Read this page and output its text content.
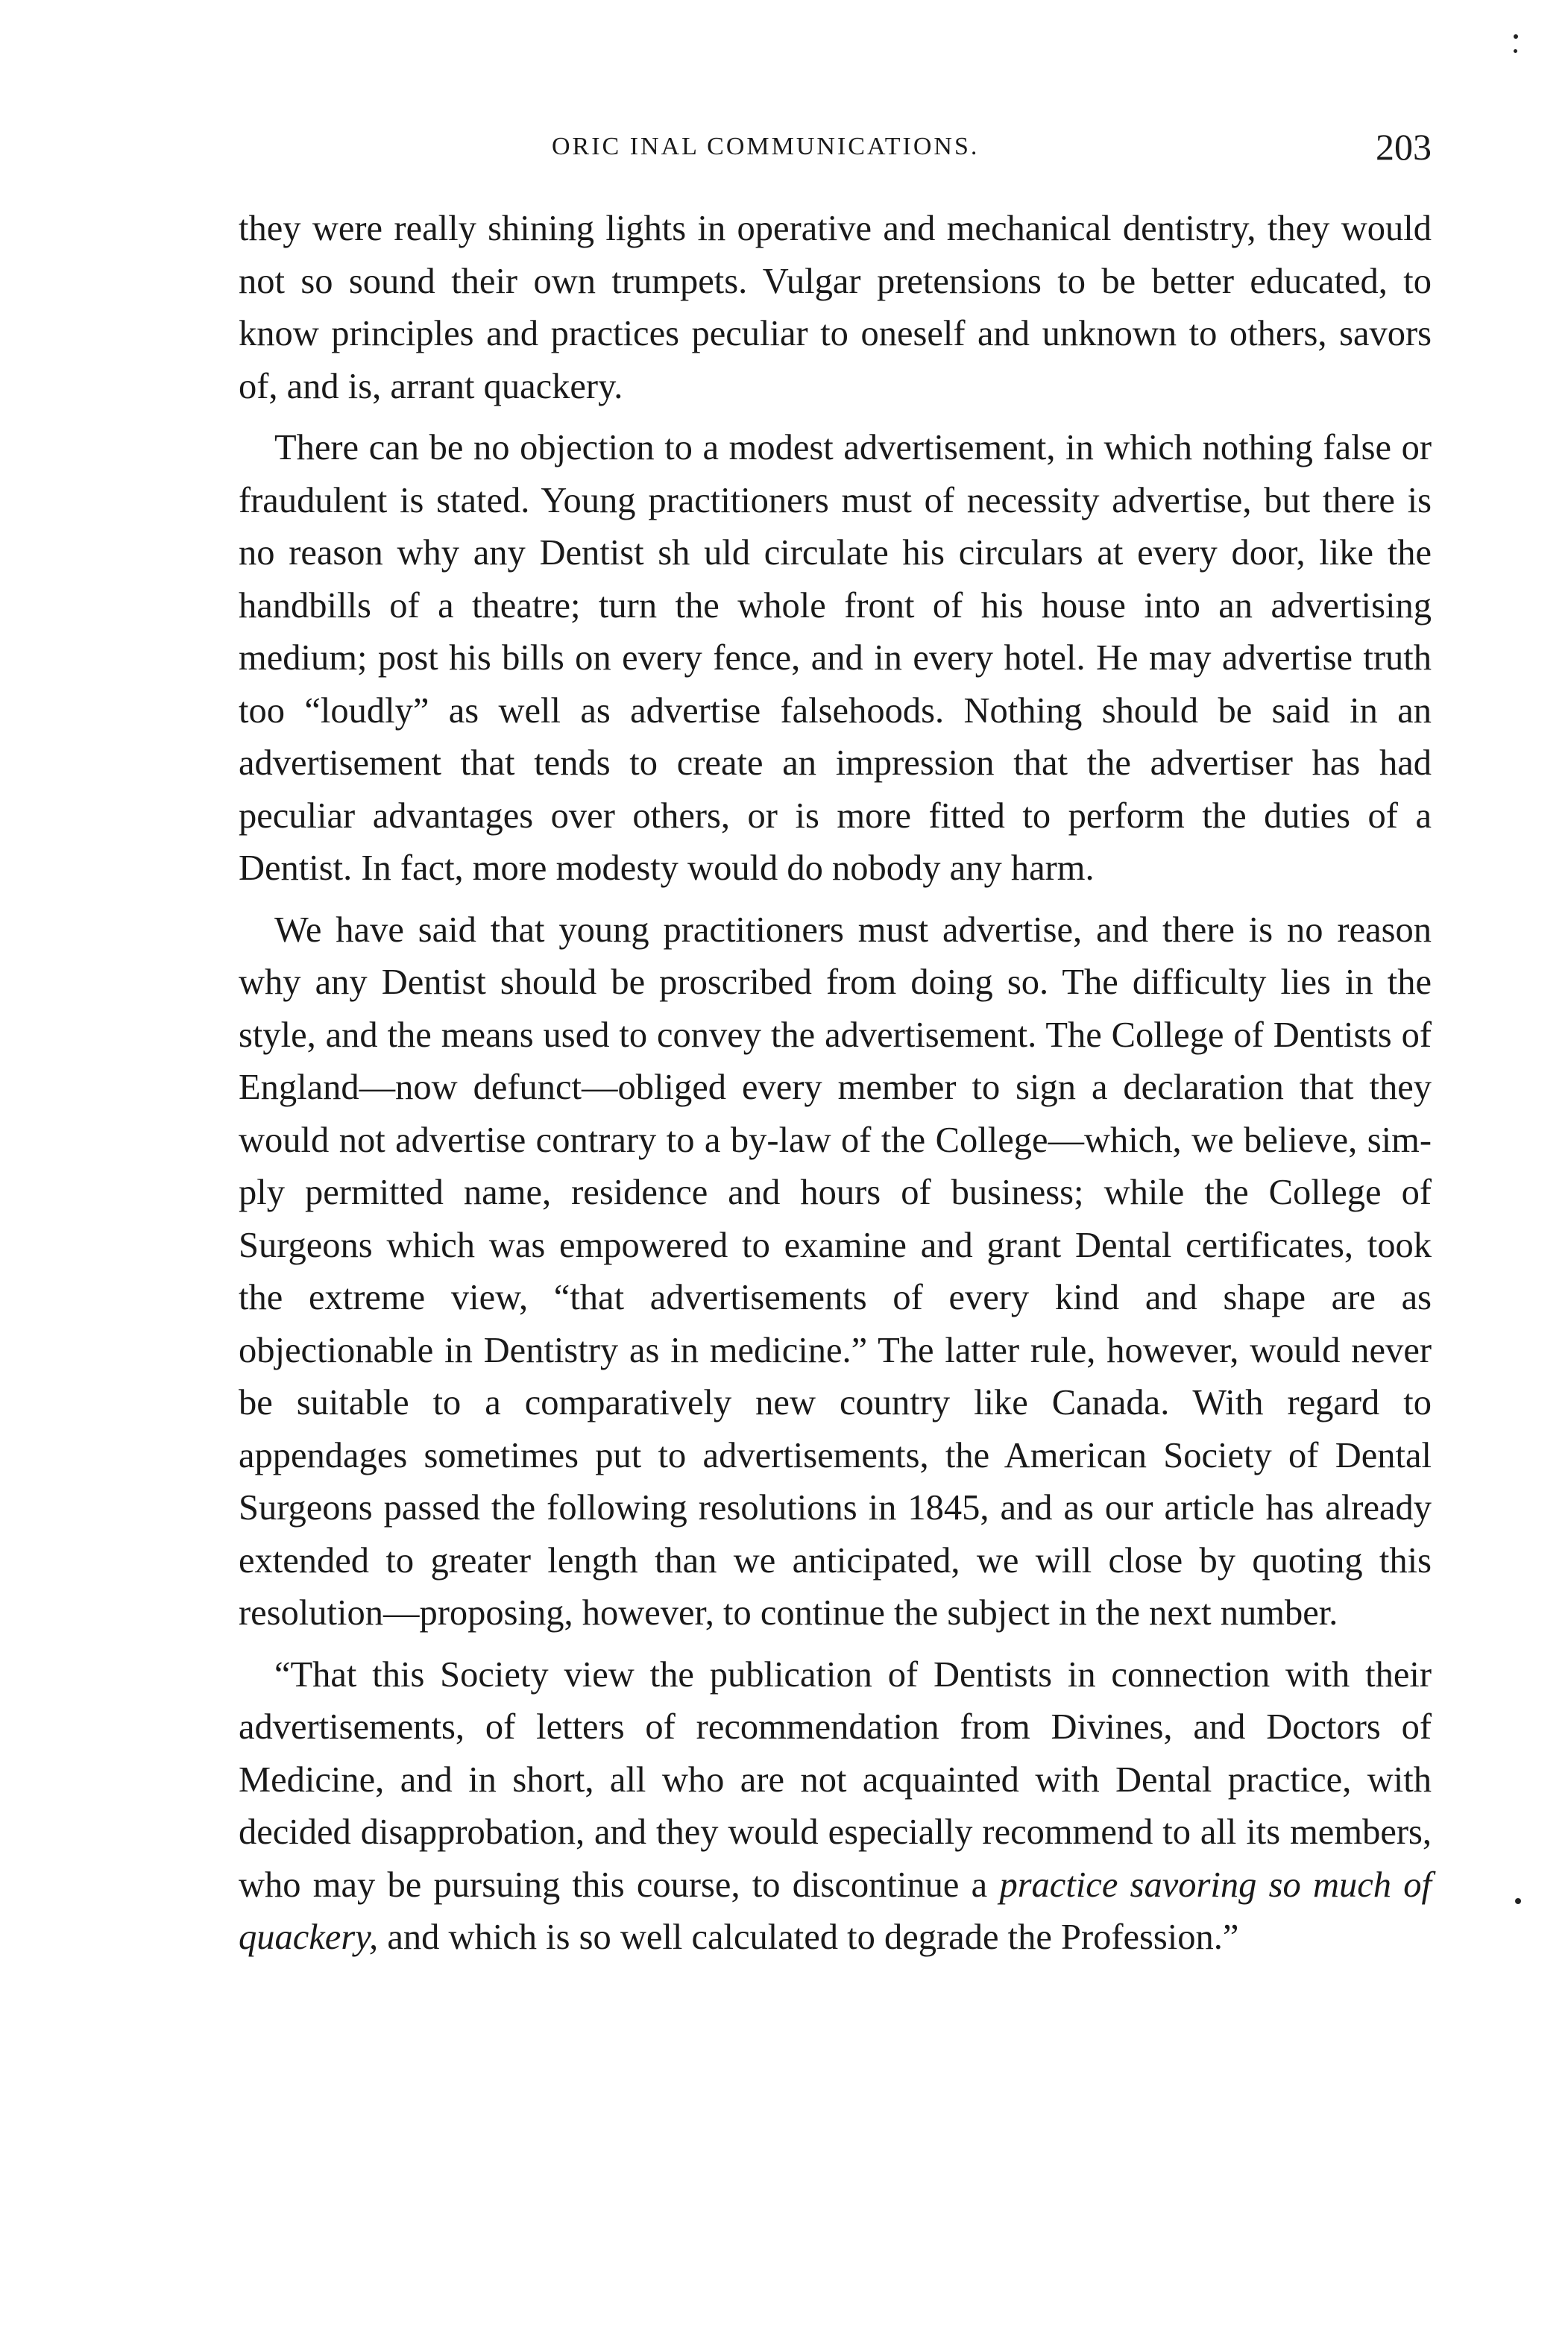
ORIC INAL COMMUNICATIONS.	203

they were really shining lights in operative and mechanical dentistry, they would not so sound their own trumpets. Vulgar pretensions to be better educated, to know principles and practices peculiar to oneself and unknown to others, savors of, and is, arrant quackery.

There can be no objection to a modest advertisement, in which nothing false or fraudulent is stated. Young practitioners must of necessity advertise, but there is no reason why any Dentist sh uld circulate his circulars at every door, like the handbills of a theatre; turn the whole front of his house into an advertising medium; post his bills on every fence, and in every hotel. He may advertise truth too “loudly” as well as advertise falsehoods. Nothing should be said in an advertisement that tends to create an impression that the advertiser has had peculiar advantages over others, or is more fitted to perform the duties of a Dentist. In fact, more modesty would do nobody any harm.

We have said that young practitioners must advertise, and there is no reason why any Dentist should be proscribed from doing so. The difficulty lies in the style, and the means used to convey the advertisement. The College of Dentists of England—now defunct—obliged every member to sign a declaration that they would not advertise contrary to a by-law of the College—which, we believe, simply permitted name, residence and hours of business; while the College of Surgeons which was empowered to examine and grant Dental certificates, took the extreme view, “that advertisements of every kind and shape are as objectionable in Dentistry as in medicine.” The latter rule, however, would never be suitable to a comparatively new country like Canada. With regard to appendages sometimes put to advertisements, the American Society of Dental Surgeons passed the following resolutions in 1845, and as our article has already extended to greater length than we anticipated, we will close by quoting this resolution—proposing, however, to continue the subject in the next number.

“That this Society view the publication of Dentists in connection with their advertisements, of letters of recommendation from Divines, and Doctors of Medicine, and in short, all who are not acquainted with Dental practice, with decided disapprobation, and they would especially recommend to all its members, who may be pursuing this course, to discontinue a practice savoring so much of quackery, and which is so well calculated to degrade the Profession.”
